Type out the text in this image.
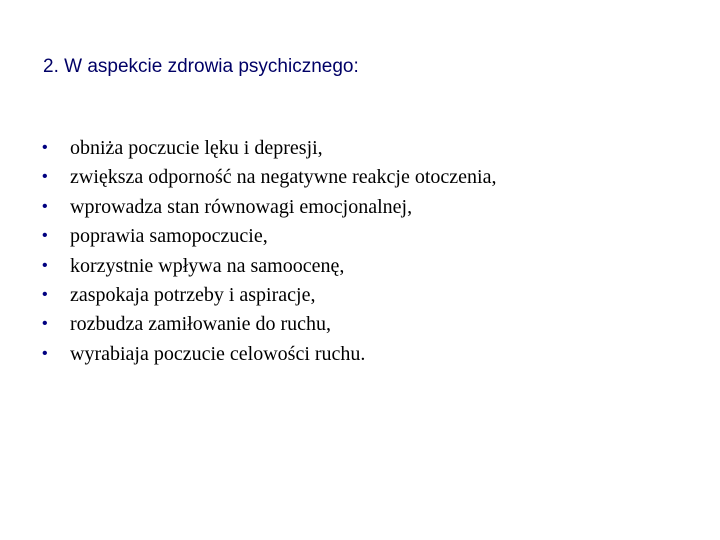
2. W aspekcie zdrowia psychicznego:
•	obniża poczucie lęku i depresji,
•	zwiększa odporność na negatywne reakcje otoczenia,
•	wprowadza stan równowagi emocjonalnej,
•	poprawia samopoczucie,
•	korzystnie wpływa na samoocenę,
•	zaspokaja potrzeby i aspiracje,
•	rozbudza zamiłowanie do ruchu,
•	wyrabiaja poczucie celowości ruchu.
